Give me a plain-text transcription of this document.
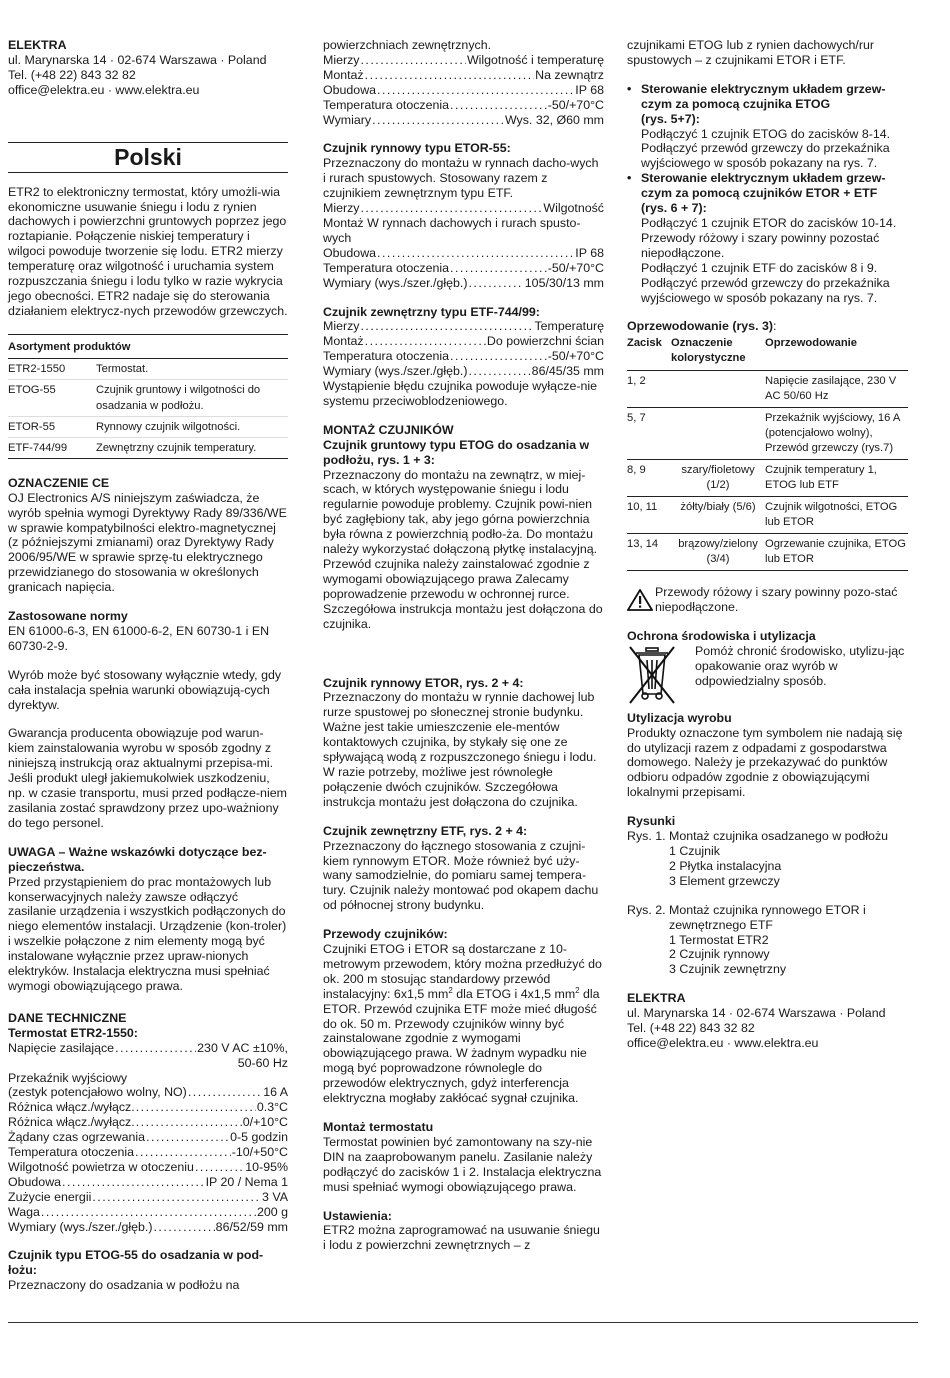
ELEKTRA

ul. Marynarska 14 · 02-674 Warszawa · Poland

Tel. (+48 22) 843 32 82

office@elektra.eu · www.elektra.eu

Polski

ETR2 to elektroniczny termostat, który umożli-wia ekonomiczne usuwanie śniegu i lodu z rynien dachowych i powierzchni gruntowych poprzez jego roztapianie. Połączenie niskiej temperatury i wilgoci powoduje tworzenie się lodu. ETR2 mierzy temperaturę oraz wilgotność i uruchamia system rozpuszczania śniegu i lodu tylko w razie wykrycia jego obecności. ETR2 nadaje się do sterowania działaniem elektrycz-nych przewodów grzewczych.

Asortyment produktów	
ETR2-1550	Termostat.
ETOG-55	Czujnik gruntowy i wilgotności do osadzania w podłożu.
ETOR-55	Rynnowy czujnik wilgotności.
ETF-744/99	Zewnętrzny czujnik temperatury.

OZNACZENIE CE

OJ Electronics A/S niniejszym zaświadcza, że wyrób spełnia wymogi Dyrektywy Rady 89/336/WE w sprawie kompatybilności elektro-magnetycznej (z późniejszymi zmianami) oraz Dyrektywy Rady 2006/95/WE w sprawie sprzę-tu elektrycznego przewidzianego do stosowania w określonych granicach napięcia.

Zastosowane normy

EN 61000-6-3, EN 61000-6-2, EN 60730-1 i EN 60730-2-9.

Wyrób może być stosowany wyłącznie wtedy, gdy cała instalacja spełnia warunki obowiązują-cych dyrektyw.

Gwarancja producenta obowiązuje pod warun-kiem zainstalowania wyrobu w sposób zgodny z niniejszą instrukcją oraz aktualnymi przepisa-mi.

Jeśli produkt uległ jakiemukolwiek uszkodzeniu, np. w czasie transportu, musi przed podłącze-niem zasilania zostać sprawdzony przez upo-ważniony do tego personel.

UWAGA – Ważne wskazówki dotyczące bez-pieczeństwa.

Przed przystąpieniem do prac montażowych lub konserwacyjnych należy zawsze odłączyć zasilanie urządzenia i wszystkich podłączonych do niego elementów instalacji. Urządzenie (kon-troler) i wszelkie połączone z nim elementy mogą być instalowane wyłącznie przez upraw-nionych elektryków. Instalacja elektryczna musi spełniać wymogi obowiązującego prawa.

DANE TECHNICZNE

Termostat ETR2-1550:

Napięcie zasilające .....	230 V AC ±10%,

50-60 Hz

Przekaźnik wyjściowy

(zestyk potencjałowo wolny, NO) .....	16 A
Różnica włącz./wyłącz. .....	0.3°C
Różnica włącz./wyłącz. .....	0/+10°C
Żądany czas ogrzewania .....	0-5 godzin
Temperatura otoczenia .....	-10/+50°C
Wilgotność powietrza w otoczeniu .....	10-95%
Obudowa .....	IP 20 / Nema 1
Zużycie energii .....	3 VA
Waga .....	200 g
Wymiary (wys./szer./głęb.) .....	86/52/59 mm

Czujnik typu ETOG-55 do osadzania w pod-łożu:

Przeznaczony do osadzania w podłożu na

powierzchniach zewnętrznych.

Mierzy .....	Wilgotność i temperaturę
Montaż .....	Na zewnątrz
Obudowa .....	IP 68
Temperatura otoczenia .....	-50/+70°C
Wymiary .....	Wys. 32, Ø60 mm

Czujnik rynnowy typu ETOR-55:

Przeznaczony do montażu w rynnach dacho-wych i rurach spustowych. Stosowany razem z czujnikiem zewnętrznym typu ETF.

Mierzy .....	Wilgotność

Montaż W rynnach dachowych i rurach spusto-wych

Obudowa .....	IP 68
Temperatura otoczenia .....	-50/+70°C
Wymiary (wys./szer./głęb.) .....	105/30/13 mm

Czujnik zewnętrzny typu ETF-744/99:

Mierzy .....	Temperaturę
Montaż .....	Do powierzchni ścian
Temperatura otoczenia .....	-50/+70°C
Wymiary (wys./szer./głęb.) .....	86/45/35 mm

Wystąpienie błędu czujnika powoduje wyłącze-nie systemu przeciwoblodzeniowego.

MONTAŻ CZUJNIKÓW

Czujnik gruntowy typu ETOG do osadzania w podłożu, rys. 1 + 3:

Przeznaczony do montażu na zewnątrz, w miej-scach, w których występowanie śniegu i lodu regularnie powoduje problemy. Czujnik powi-nien być zagłębiony tak, aby jego górna powierzchnia była równa z powierzchnią podło-ża. Do montażu należy wykorzystać dołączoną płytkę instalacyjną.

Przewód czujnika należy zainstalować zgodnie z wymogami obowiązującego prawa Zalecamy poprowadzenie przewodu w ochronnej rurce. Szczegółowa instrukcja montażu jest dołączona do czujnika.

Czujnik rynnowy ETOR, rys. 2 + 4:

Przeznaczony do montażu w rynnie dachowej lub rurze spustowej po słonecznej stronie budynku. Ważne jest takie umieszczenie ele-mentów kontaktowych czujnika, by stykały się one ze spływającą wodą z rozpuszczonego śniegu i lodu. W razie potrzeby, możliwe jest równoległe połączenie dwóch czujników. Szczegółowa instrukcja montażu jest dołączona do czujnika.

Czujnik zewnętrzny ETF, rys. 2 + 4:

Przeznaczony do łącznego stosowania z czujni-kiem rynnowym ETOR. Może również być uży-wany samodzielnie, do pomiaru samej tempera-tury. Czujnik należy montować pod okapem dachu od północnej strony budynku.

Przewody czujników:

Czujniki ETOG i ETOR są dostarczane z 10-metrowym przewodem, który można przedłużyć do ok. 200 m stosując standardowy przewód instalacyjny: 6x1,5 $mm^2$ dla ETOG i 4x1,5 $mm^2$ dla ETOR. Przewód czujnika ETF może mieć długość do ok. 50 m. Przewody czujników winny być zainstalowane zgodnie z wymogami obowiązującego prawa. W żadnym wypadku nie mogą być poprowadzone równolegle do przewodów elektrycznych, gdyż interferencja elektryczna mogłaby zakłócać sygnał czujnika.

Montaż termostatu

Termostat powinien być zamontowany na szy-nie DIN na zaaprobowanym panelu. Zasilanie należy podłączyć do zacisków 1 i 2. Instalacja elektryczna musi spełniać wymogi obowiązującego prawa.

Ustawienia:

ETR2 można zaprogramować na usuwanie śniegu i lodu z powierzchni zewnętrznych – z

czujnikami ETOG lub z rynien dachowych/rur spustowych – z czujnikami ETOR i ETF.

• Sterowanie elektrycznym układem grzew-czym za pomocą czujnika ETOG

(rys. 5+7):

Podłączyć 1 czujnik ETOG do zacisków 8-14.

Podłączyć przewód grzewczy do przekaźnika wyjściowego w sposób pokazany na rys. 7.

• Sterowanie elektrycznym układem grzew-czym za pomocą czujników ETOR + ETF

(rys. 6 + 7):

Podłączyć 1 czujnik ETOR do zacisków 10-14. Przewody różowy i szary powinny pozostać niepodłączone.

Podłączyć 1 czujnik ETF do zacisków 8 i 9.

Podłączyć przewód grzewczy do przekaźnika wyjściowego w sposób pokazany na rys. 7.

Oprzewodowanie (rys. 3):

Zacisk	Oznaczenie kolorystyczne	Oprzewodowanie
1, 2		Napięcie zasilające, 230 V AC 50/60 Hz
5, 7		Przekaźnik wyjściowy, 16 A (potencjałowo wolny), Przewód grzewczy (rys.7)
8, 9	szary/fioletowy (1/2)	Czujnik temperatury 1, ETOG lub ETF
10, 11	żółty/biały (5/6)	Czujnik wilgotności, ETOG lub ETOR
13, 14	brązowy/zielony (3/4)	Ogrzewanie czujnika, ETOG lub ETOR

Przewody różowy i szary powinny pozo-stać niepodłączone.

Ochrona środowiska i utylizacja

Pomóż chronić środowisko, utylizu-jąc opakowanie oraz wyrób w odpowiedzialny sposób.

Utylizacja wyrobu

Produkty oznaczone tym symbolem nie nadają się do utylizacji razem z odpadami z gospodarstwa domowego. Należy je przekazywać do punktów odbioru odpadów zgodnie z obowiązującymi lokalnymi przepisami.

Rysunki

Rys. 1. Montaż czujnika osadzanego w podłożu

1 Czujnik

2 Płytka instalacyjna

3 Element grzewczy

Rys. 2. Montaż czujnika rynnowego ETOR i zewnętrznego ETF

1 Termostat ETR2

2 Czujnik rynnowy

3 Czujnik zewnętrzny

ELEKTRA

ul. Marynarska 14 · 02-674 Warszawa · Poland

Tel. (+48 22) 843 32 82

office@elektra.eu · www.elektra.eu
